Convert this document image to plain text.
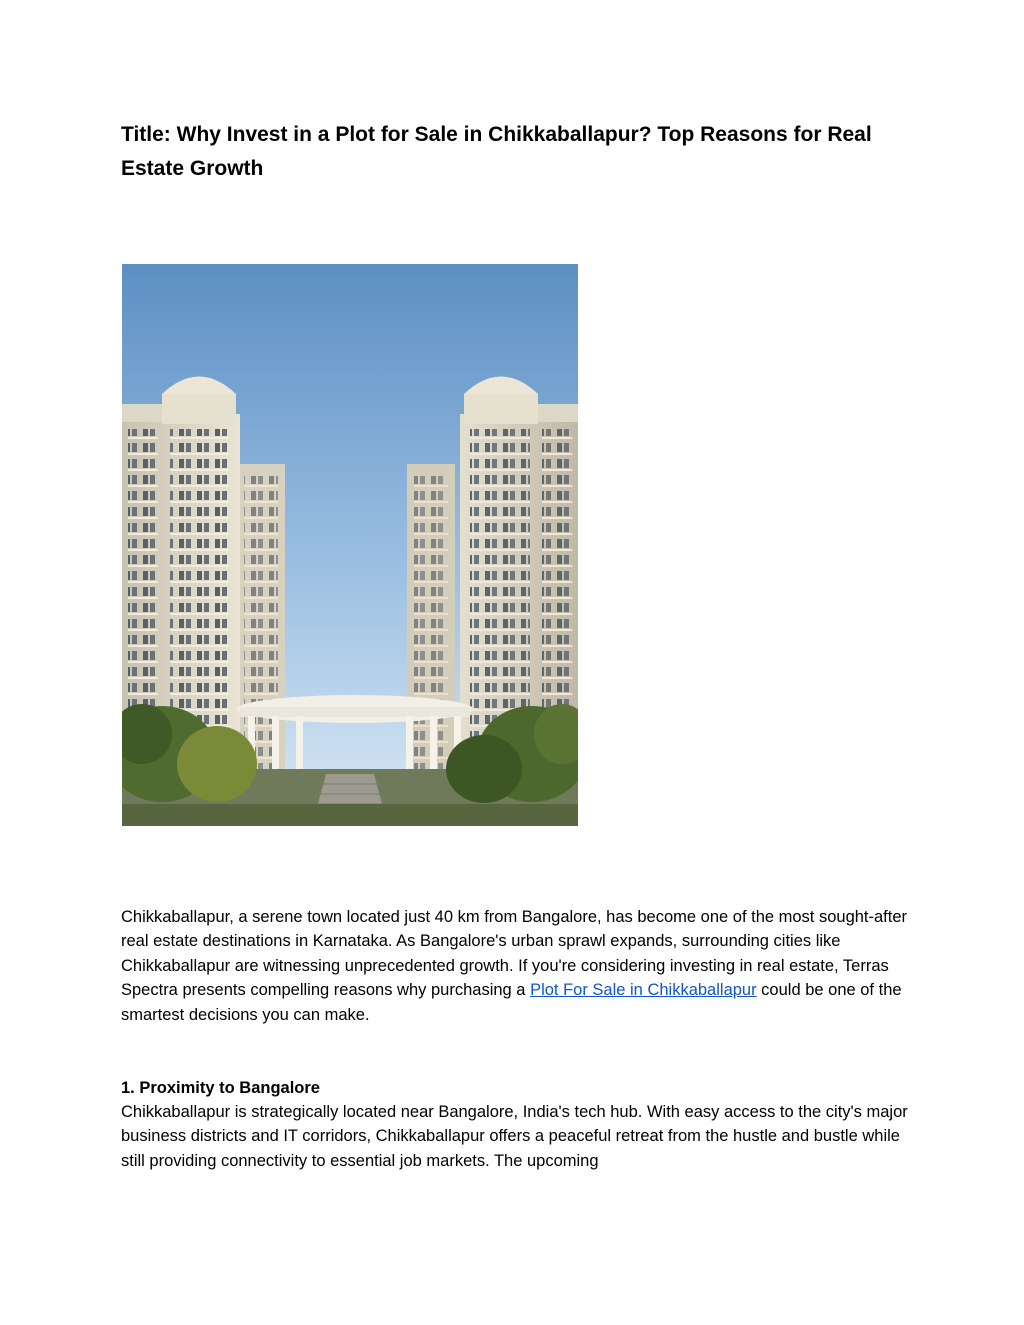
Title: Why Invest in a Plot for Sale in Chikkaballapur? Top Reasons for Real Estate Growth

Chikkaballapur, a serene town located just 40 km from Bangalore, has become one of the most sought-after real estate destinations in Karnataka. As Bangalore's urban sprawl expands, surrounding cities like Chikkaballapur are witnessing unprecedented growth. If you're considering investing in real estate, Terras Spectra presents compelling reasons why purchasing a Plot For Sale in Chikkaballapur could be one of the smartest decisions you can make.

1. Proximity to Bangalore

Chikkaballapur is strategically located near Bangalore, India's tech hub. With easy access to the city's major business districts and IT corridors, Chikkaballapur offers a peaceful retreat from the hustle and bustle while still providing connectivity to essential job markets. The upcoming
